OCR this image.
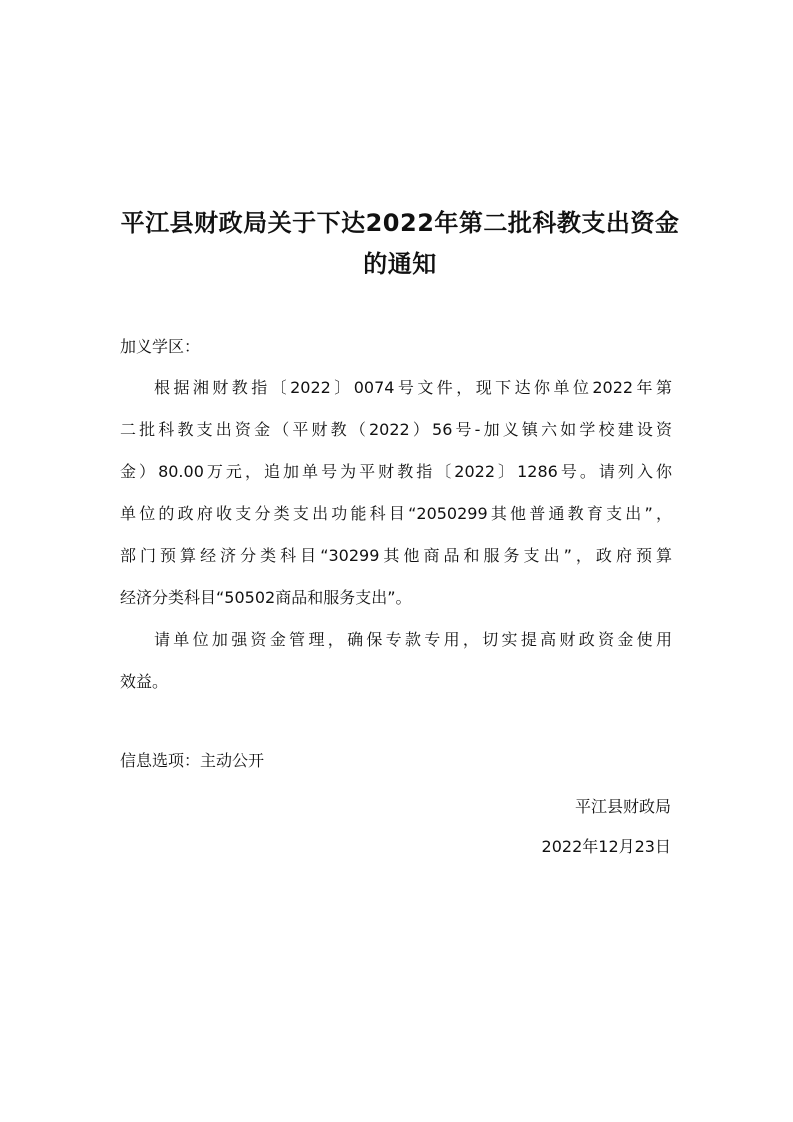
平江县财政局关于下达2022年第二批科教支出资金
的通知
加义学区：
根据湘财教指〔2022〕0074号文件，现下达你单位2022年第
二批科教支出资金（平财教（2022）56号-加义镇六如学校建设资
金）80.00万元，追加单号为平财教指〔2022〕1286号。请列入你
单位的政府收支分类支出功能科目“2050299其他普通教育支出”，
部门预算经济分类科目“30299其他商品和服务支出”，政府预算
经济分类科目“50502商品和服务支出”。
请单位加强资金管理，确保专款专用，切实提高财政资金使用
效益。
信息选项：主动公开
平江县财政局
2022年12月23日
